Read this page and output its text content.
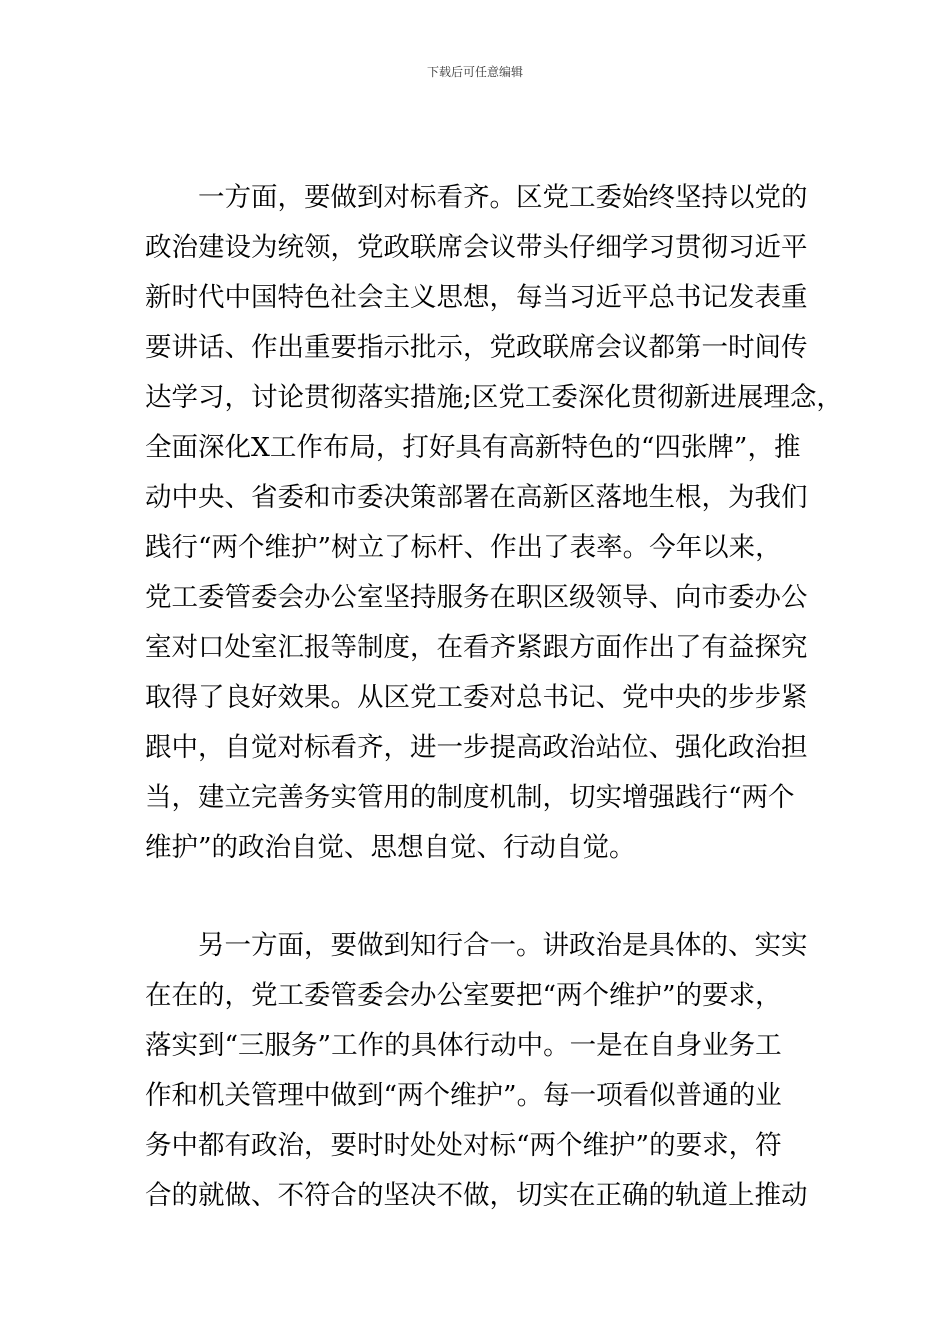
下载后可任意编辑
一方面，要做到对标看齐。区党工委始终坚持以党的
政治建设为统领，党政联席会议带头仔细学习贯彻习近平
新时代中国特色社会主义思想，每当习近平总书记发表重
要讲话、作出重要指示批示，党政联席会议都第一时间传
达学习，讨论贯彻落实措施;区党工委深化贯彻新进展理念，
全面深化X工作布局，打好具有高新特色的“四张牌”，推
动中央、省委和市委决策部署在高新区落地生根，为我们
践行“两个维护”树立了标杆、作出了表率。今年以来，
党工委管委会办公室坚持服务在职区级领导、向市委办公
室对口处室汇报等制度，在看齐紧跟方面作出了有益探究
取得了良好效果。从区党工委对总书记、党中央的步步紧
跟中，自觉对标看齐，进一步提高政治站位、强化政治担
当，建立完善务实管用的制度机制，切实增强践行“两个
维护”的政治自觉、思想自觉、行动自觉。
另一方面，要做到知行合一。讲政治是具体的、实实
在在的，党工委管委会办公室要把“两个维护”的要求，
落实到“三服务”工作的具体行动中。一是在自身业务工
作和机关管理中做到“两个维护”。每一项看似普通的业
务中都有政治，要时时处处对标“两个维护”的要求，符
合的就做、不符合的坚决不做，切实在正确的轨道上推动
